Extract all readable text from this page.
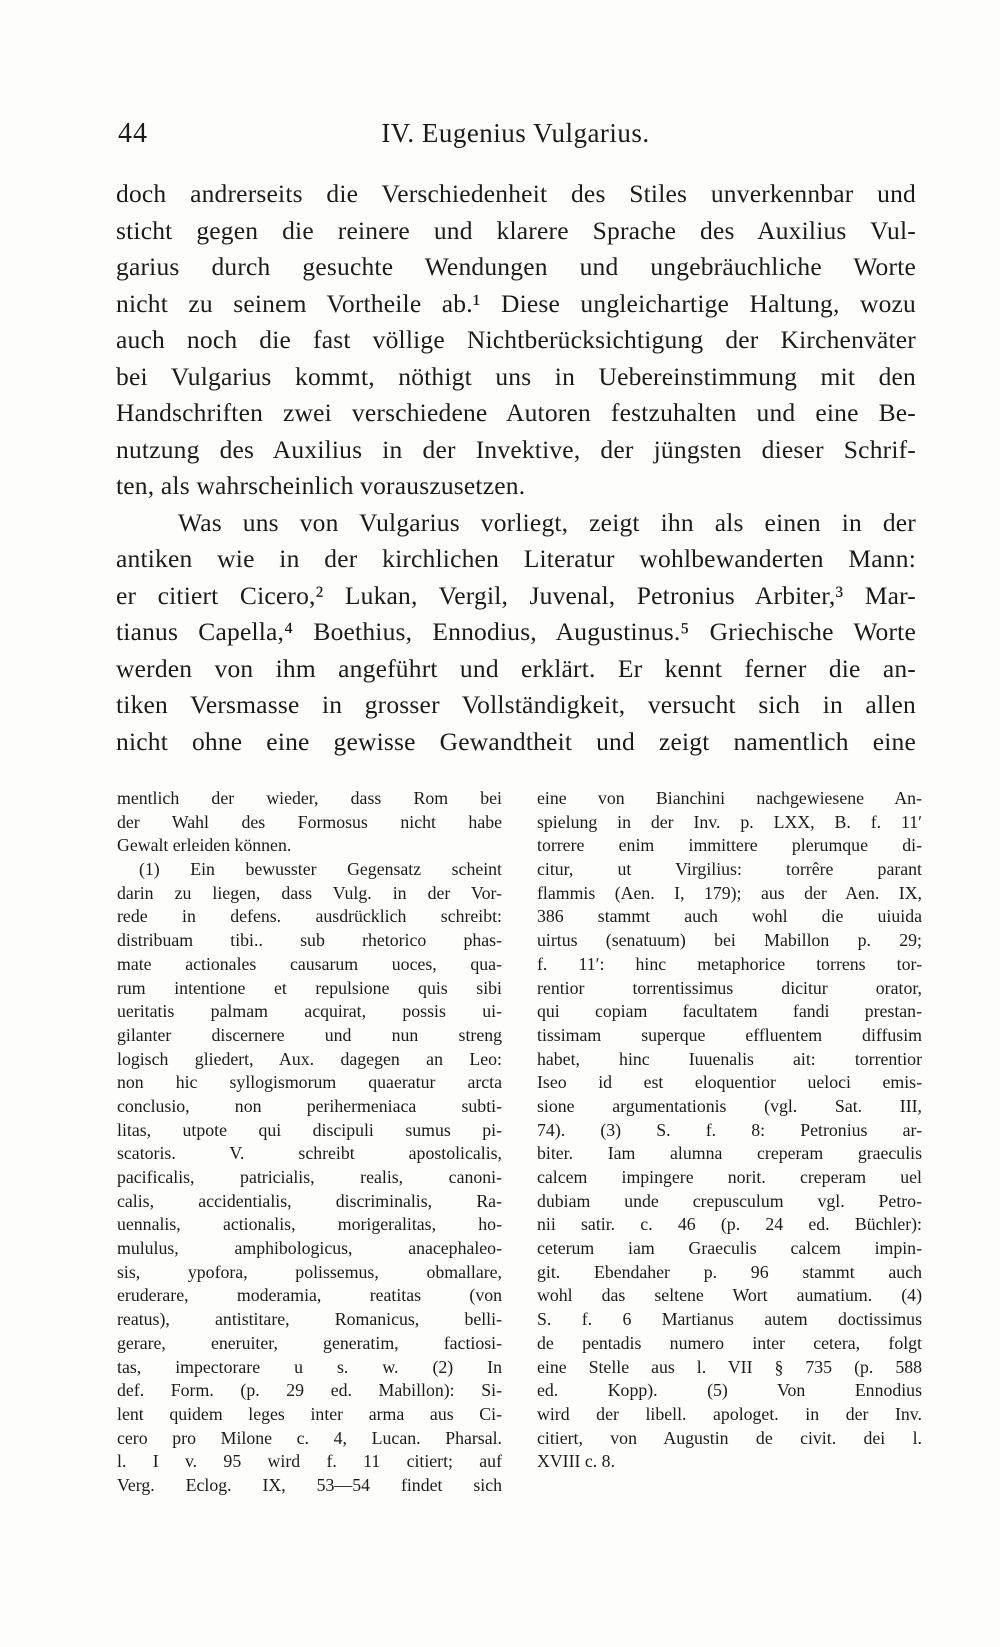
44	IV. Eugenius Vulgarius.
doch andrerseits die Verschiedenheit des Stiles unverkennbar und
sticht gegen die reinere und klarere Sprache des Auxilius Vul-
garius durch gesuchte Wendungen und ungebräuchliche Worte
nicht zu seinem Vortheile ab.¹ Diese ungleichartige Haltung, wozu
auch noch die fast völlige Nichtberücksichtigung der Kirchenväter
bei Vulgarius kommt, nöthigt uns in Uebereinstimmung mit den
Handschriften zwei verschiedene Autoren festzuhalten und eine Be-
nutzung des Auxilius in der Invektive, der jüngsten dieser Schrif-
ten, als wahrscheinlich vorauszusetzen.
Was uns von Vulgarius vorliegt, zeigt ihn als einen in der
antiken wie in der kirchlichen Literatur wohlbewanderten Mann:
er citiert Cicero,² Lukan, Vergil, Juvenal, Petronius Arbiter,³ Mar-
tianus Capella,⁴ Boethius, Ennodius, Augustinus.⁵ Griechische Worte
werden von ihm angeführt und erklärt. Er kennt ferner die an-
tiken Versmasse in grosser Vollständigkeit, versucht sich in allen
nicht ohne eine gewisse Gewandtheit und zeigt namentlich eine
mentlich der wieder, dass Rom bei
der Wahl des Formosus nicht habe
Gewalt erleiden können.
(1) Ein bewusster Gegensatz scheint
darin zu liegen, dass Vulg. in der Vor-
rede in defens. ausdrücklich schreibt:
distribuam tibi.. sub rhetorico phas-
mate actionales causarum uoces, qua-
rum intentione et repulsione quis sibi
ueritatis palmam acquirat, possis ui-
gilanter discernere und nun streng
logisch gliedert, Aux. dagegen an Leo:
non hic syllogismorum quaeratur arcta
conclusio, non perihermeniaca subti-
litas, utpote qui discipuli sumus pi-
scatoris. V. schreibt apostolicalis,
pacificalis, patricialis, realis, canoni-
calis, accidentialis, discriminalis, Ra-
uennalis, actionalis, morigeralitas, ho-
mululus, amphibologicus, anacephaleo-
sis, ypofora, polissemus, obmallare,
eruderare, moderamia, reatitas (von
reatus), antistitare, Romanicus, belli-
gerare, eneruiter, generatim, factiosi-
tas, impectorare u s. w. (2) In
def. Form. (p. 29 ed. Mabillon): Si-
lent quidem leges inter arma aus Ci-
cero pro Milone c. 4, Lucan. Pharsal.
l. I v. 95 wird f. 11 citiert; auf
Verg. Eclog. IX, 53—54 findet sich
eine von Bianchini nachgewiesene An-
spielung in der Inv. p. LXX, B. f. 11ʹ
torrere enim immittere plerumque di-
citur, ut Virgilius: torrêre parant
flammis (Aen. I, 179); aus der Aen. IX,
386 stammt auch wohl die uiuida
uirtus (senatuum) bei Mabillon p. 29;
f. 11ʹ: hinc metaphorice torrens tor-
rentior torrentissimus dicitur orator,
qui copiam facultatem fandi prestan-
tissimam superque effluentem diffusim
habet, hinc Iuuenalis ait: torrentior
Iseo id est eloquentior ueloci emis-
sione argumentationis (vgl. Sat. III,
74). (3) S. f. 8: Petronius ar-
biter. Iam alumna creperam graeculis
calcem impingere norit. creperam uel
dubiam unde crepusculum vgl. Petro-
nii satir. c. 46 (p. 24 ed. Büchler):
ceterum iam Graeculis calcem impin-
git. Ebendaher p. 96 stammt auch
wohl das seltene Wort aumatium. (4)
S. f. 6 Martianus autem doctissimus
de pentadis numero inter cetera, folgt
eine Stelle aus l. VII § 735 (p. 588
ed. Kopp). (5) Von Ennodius
wird der libell. apologet. in der Inv.
citiert, von Augustin de civit. dei l.
XVIII c. 8.
